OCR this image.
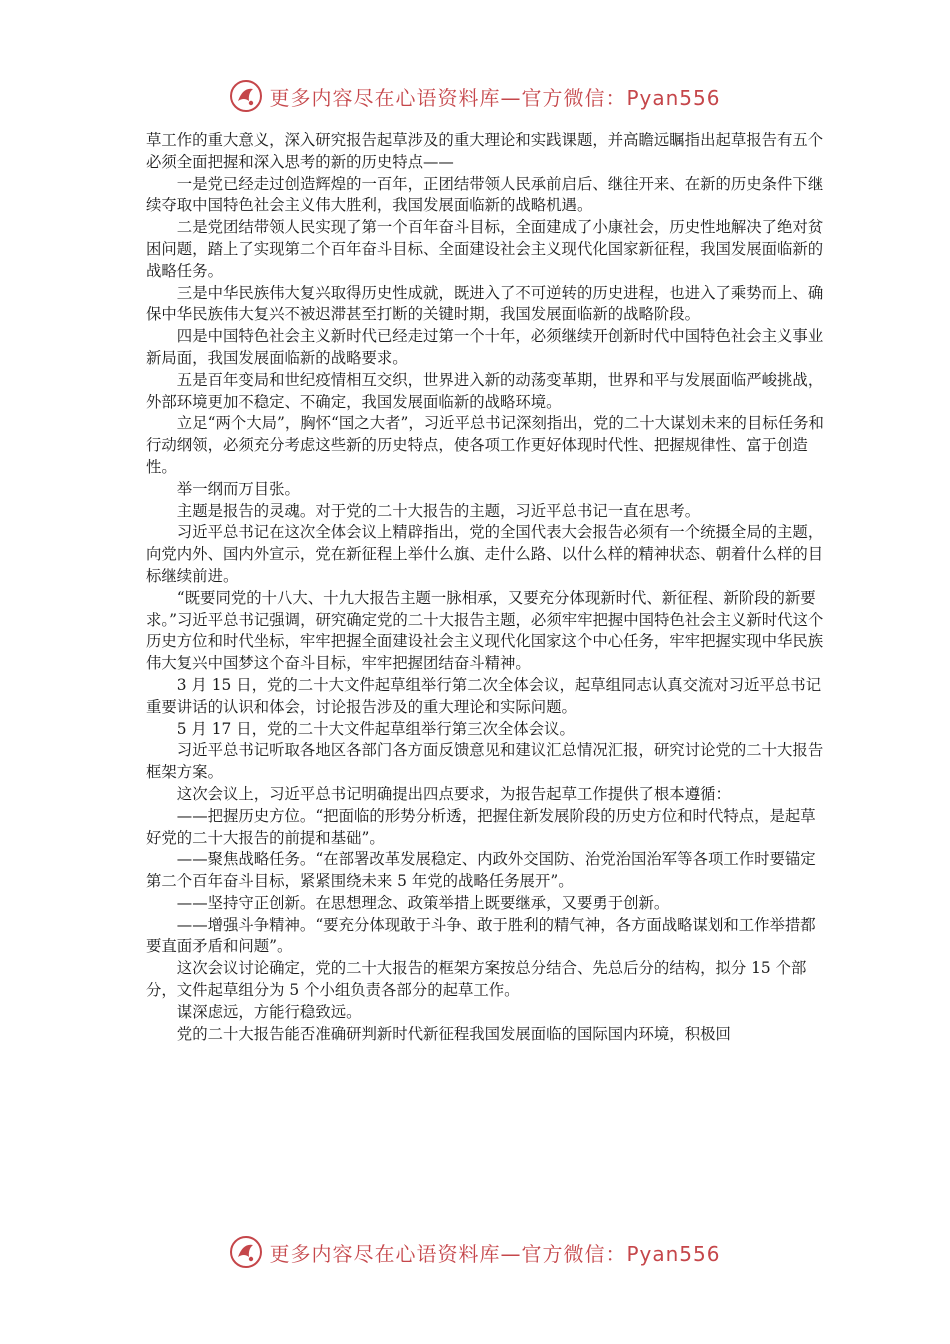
更多内容尽在心语资料库—官方微信：Pyan556

草工作的重大意义，深入研究报告起草涉及的重大理论和实践课题，并高瞻远瞩指出起草报告有五个必须全面把握和深入思考的新的历史特点——

一是党已经走过创造辉煌的一百年，正团结带领人民承前启后、继往开来、在新的历史条件下继续夺取中国特色社会主义伟大胜利，我国发展面临新的战略机遇。

二是党团结带领人民实现了第一个百年奋斗目标，全面建成了小康社会，历史性地解决了绝对贫困问题，踏上了实现第二个百年奋斗目标、全面建设社会主义现代化国家新征程，我国发展面临新的战略任务。

三是中华民族伟大复兴取得历史性成就，既进入了不可逆转的历史进程，也进入了乘势而上、确保中华民族伟大复兴不被迟滞甚至打断的关键时期，我国发展面临新的战略阶段。

四是中国特色社会主义新时代已经走过第一个十年，必须继续开创新时代中国特色社会主义事业新局面，我国发展面临新的战略要求。

五是百年变局和世纪疫情相互交织，世界进入新的动荡变革期，世界和平与发展面临严峻挑战，外部环境更加不稳定、不确定，我国发展面临新的战略环境。

立足“两个大局”，胸怀“国之大者”，习近平总书记深刻指出，党的二十大谋划未来的目标任务和行动纲领，必须充分考虑这些新的历史特点，使各项工作更好体现时代性、把握规律性、富于创造性。

举一纲而万目张。

主题是报告的灵魂。对于党的二十大报告的主题，习近平总书记一直在思考。

习近平总书记在这次全体会议上精辟指出，党的全国代表大会报告必须有一个统摄全局的主题，向党内外、国内外宣示，党在新征程上举什么旗、走什么路、以什么样的精神状态、朝着什么样的目标继续前进。

“既要同党的十八大、十九大报告主题一脉相承，又要充分体现新时代、新征程、新阶段的新要求。”习近平总书记强调，研究确定党的二十大报告主题，必须牢牢把握中国特色社会主义新时代这个历史方位和时代坐标，牢牢把握全面建设社会主义现代化国家这个中心任务，牢牢把握实现中华民族伟大复兴中国梦这个奋斗目标，牢牢把握团结奋斗精神。

3 月 15 日，党的二十大文件起草组举行第二次全体会议，起草组同志认真交流对习近平总书记重要讲话的认识和体会，讨论报告涉及的重大理论和实际问题。

5 月 17 日，党的二十大文件起草组举行第三次全体会议。

习近平总书记听取各地区各部门各方面反馈意见和建议汇总情况汇报，研究讨论党的二十大报告框架方案。

这次会议上，习近平总书记明确提出四点要求，为报告起草工作提供了根本遵循：

——把握历史方位。“把面临的形势分析透，把握住新发展阶段的历史方位和时代特点，是起草好党的二十大报告的前提和基础”。

——聚焦战略任务。“在部署改革发展稳定、内政外交国防、治党治国治军等各项工作时要锚定第二个百年奋斗目标，紧紧围绕未来 5 年党的战略任务展开”。

——坚持守正创新。在思想理念、政策举措上既要继承，又要勇于创新。

——增强斗争精神。“要充分体现敢于斗争、敢于胜利的精气神，各方面战略谋划和工作举措都要直面矛盾和问题”。

这次会议讨论确定，党的二十大报告的框架方案按总分结合、先总后分的结构，拟分 15 个部分，文件起草组分为 5 个小组负责各部分的起草工作。

谋深虑远，方能行稳致远。

党的二十大报告能否准确研判新时代新征程我国发展面临的国际国内环境，积极回

更多内容尽在心语资料库—官方微信：Pyan556
